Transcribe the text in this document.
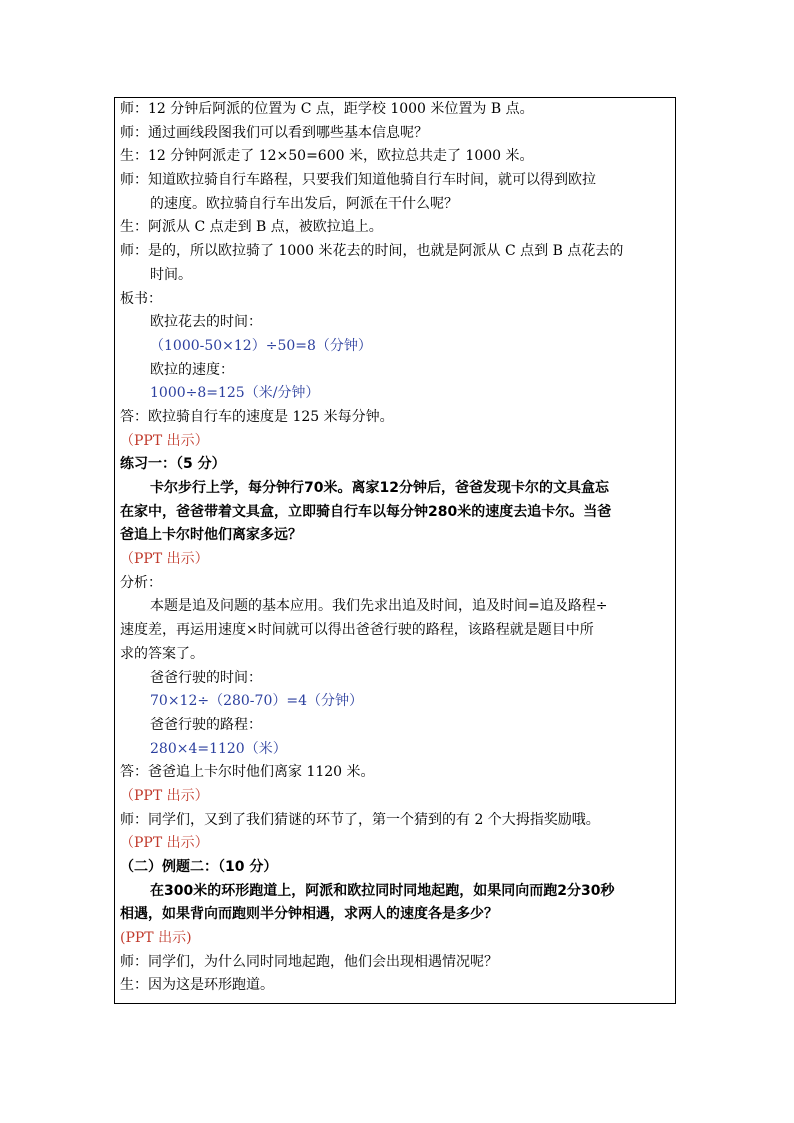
师：12 分钟后阿派的位置为 C 点，距学校 1000 米位置为 B 点。
师：通过画线段图我们可以看到哪些基本信息呢？
生：12 分钟阿派走了 12×50=600 米，欧拉总共走了 1000 米。
师：知道欧拉骑自行车路程，只要我们知道他骑自行车时间，就可以得到欧拉
的速度。欧拉骑自行车出发后，阿派在干什么呢？
生：阿派从 C 点走到 B 点，被欧拉追上。
师：是的，所以欧拉骑了 1000 米花去的时间，也就是阿派从 C 点到 B 点花去的
时间。
板书：
欧拉花去的时间：
（1000-50×12）÷50=8（分钟）
欧拉的速度：
1000÷8=125（米/分钟）
答：欧拉骑自行车的速度是 125 米每分钟。
（PPT 出示）
练习一：（5 分）
卡尔步行上学，每分钟行70米。离家12分钟后，爸爸发现卡尔的文具盒忘
在家中，爸爸带着文具盒，立即骑自行车以每分钟280米的速度去追卡尔。当爸
爸追上卡尔时他们离家多远？
（PPT 出示）
分析：
本题是追及问题的基本应用。我们先求出追及时间，追及时间=追及路程÷
速度差，再运用速度×时间就可以得出爸爸行驶的路程，该路程就是题目中所
求的答案了。
爸爸行驶的时间：
70×12÷（280-70）=4（分钟）
爸爸行驶的路程：
280×4=1120（米）
答：爸爸追上卡尔时他们离家 1120 米。
（PPT 出示）
师：同学们，又到了我们猜谜的环节了，第一个猜到的有 2 个大拇指奖励哦。
（PPT 出示）
（二）例题二：（10 分）
在300米的环形跑道上，阿派和欧拉同时同地起跑，如果同向而跑2分30秒
相遇，如果背向而跑则半分钟相遇，求两人的速度各是多少？
(PPT 出示)
师：同学们，为什么同时同地起跑，他们会出现相遇情况呢？
生：因为这是环形跑道。
